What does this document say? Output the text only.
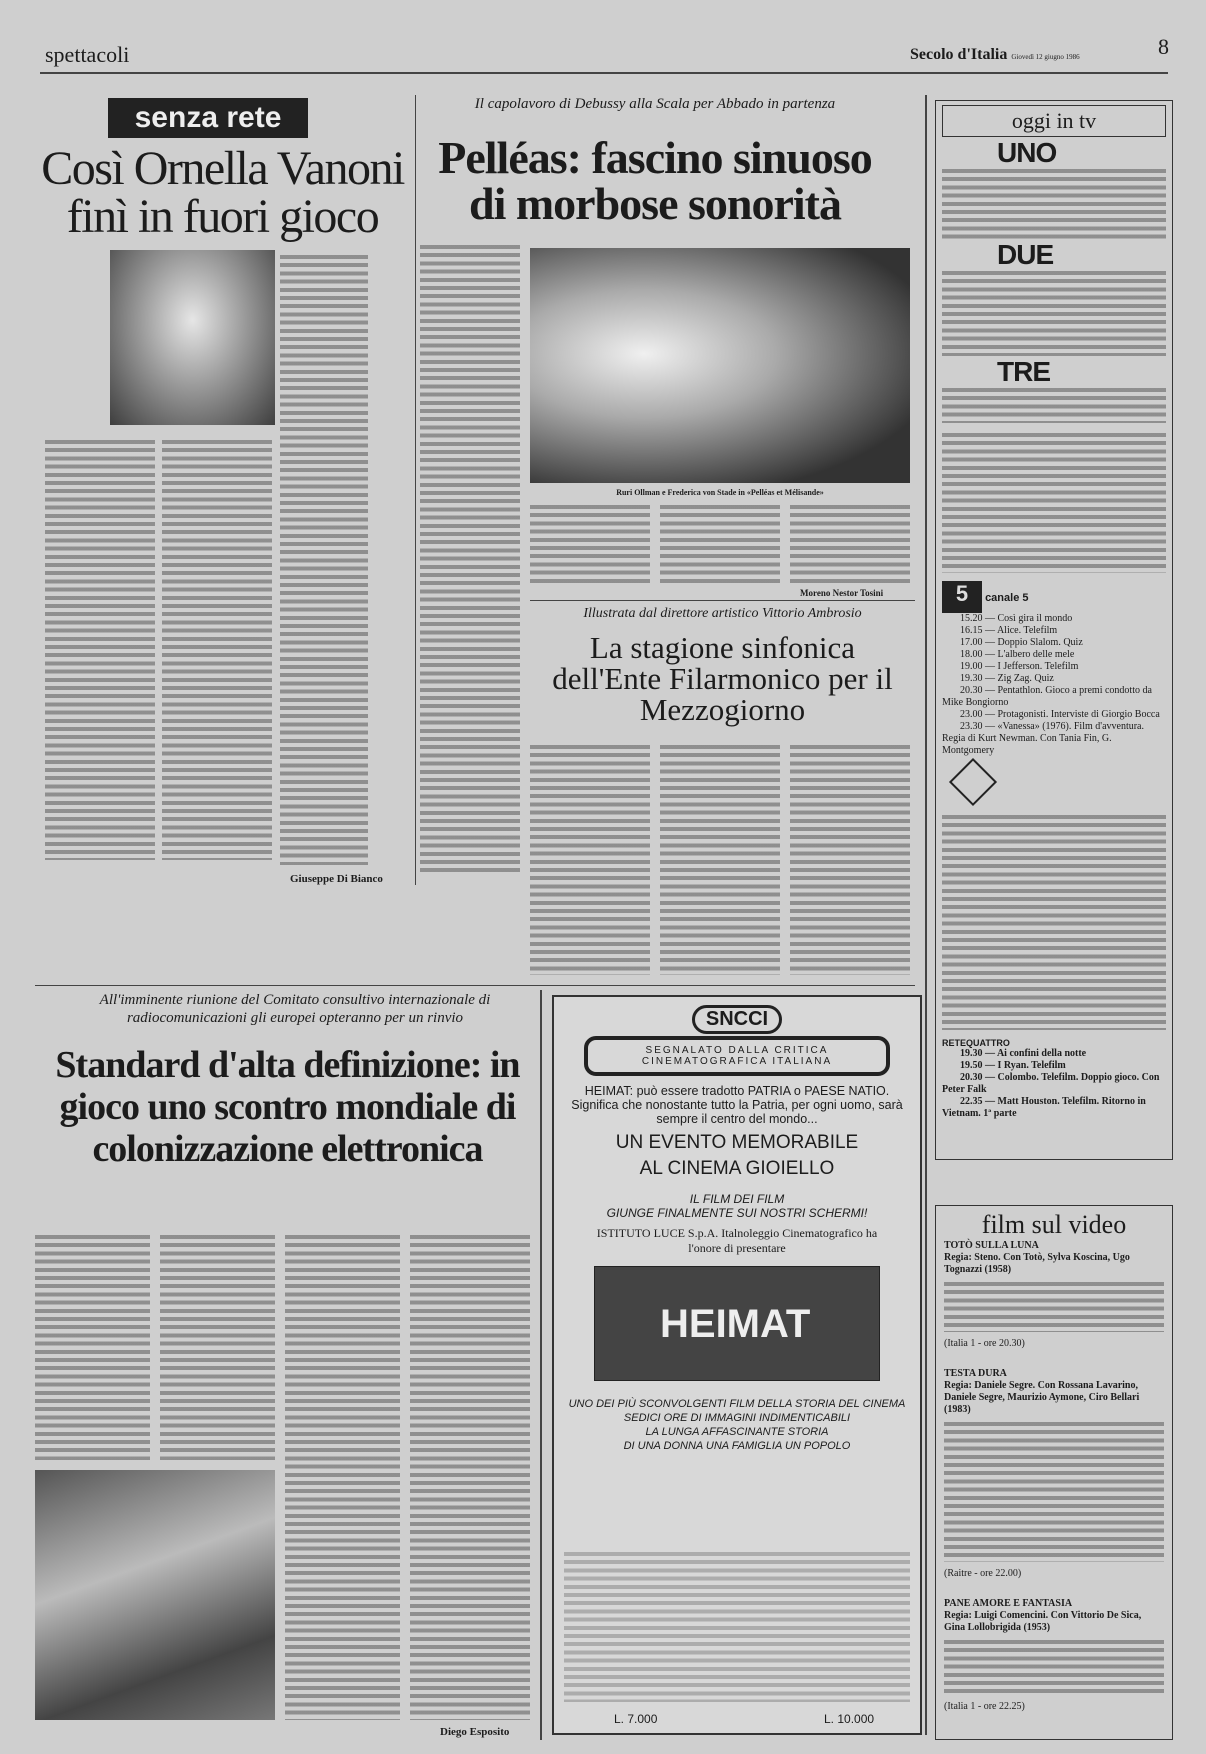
spettacoli	Secolo d'Italia Giovedì 12 giugno 1986	8
senza rete
Così Ornella Vanoni finì in fuori gioco
Giuseppe Di Bianco
Il capolavoro di Debussy alla Scala per Abbado in partenza
Pelléas: fascino sinuoso di morbose sonorità
Ruri Ollman e Frederica von Stade in «Pelléas et Mélisande»
Moreno Nestor Tosini
Illustrata dal direttore artistico Vittorio Ambrosio
La stagione sinfonica dell'Ente Filarmonico per il Mezzogiorno
All'imminente riunione del Comitato consultivo internazionale di radiocomunicazioni gli europei opteranno per un rinvio
Standard d'alta definizione: in gioco uno scontro mondiale di colonizzazione elettronica
Diego Esposito
SNCCI
SEGNALATO DALLA CRITICA CINEMATOGRAFICA ITALIANA
HEIMAT: può essere tradotto PATRIA o PAESE NATIO. Significa che nonostante tutto la Patria, per ogni uomo, sarà sempre il centro del mondo...
UN EVENTO MEMORABILE
AL CINEMA GIOIELLO
IL FILM DEI FILM
GIUNGE FINALMENTE SUI NOSTRI SCHERMI!
ISTITUTO LUCE S.p.A. Italnoleggio Cinematografico ha l'onore di presentare
HEIMAT
UNO DEI PIÙ SCONVOLGENTI FILM DELLA STORIA DEL CINEMA
SEDICI ORE DI IMMAGINI INDIMENTICABILI
LA LUNGA AFFASCINANTE STORIA
DI UNA DONNA UNA FAMIGLIA UN POPOLO
L. 7.000	L. 10.000
oggi in tv
UNO
DUE
TRE
5 canale 5
15.20 — Così gira il mondo
16.15 — Alice. Telefilm
17.00 — Doppio Slalom. Quiz
18.00 — L'albero delle mele
19.00 — I Jefferson. Telefilm
19.30 — Zig Zag. Quiz
20.30 — Pentathlon. Gioco a premi condotto da Mike Bongiorno
23.00 — Protagonisti. Interviste di Giorgio Bocca
23.30 — «Vanessa» (1976). Film d'avventura. Regia di Kurt Newman. Con Tania Fin, G. Montgomery
RETEQUATTRO
19.30 — Ai confini della notte
19.50 — I Ryan. Telefilm
20.30 — Colombo. Telefilm. Doppio gioco. Con Peter Falk
22.35 — Matt Houston. Telefilm. Ritorno in Vietnam. 1ª parte
film sul video
TOTÒ SULLA LUNA
Regia: Steno. Con Totò, Sylva Koscina, Ugo Tognazzi (1958)
(Italia 1 - ore 20.30)
TESTA DURA
Regia: Daniele Segre. Con Rossana Lavarino, Daniele Segre, Maurizio Aymone, Ciro Bellari (1983)
(Raitre - ore 22.00)
PANE AMORE E FANTASIA
Regia: Luigi Comencini. Con Vittorio De Sica, Gina Lollobrigida (1953)
(Italia 1 - ore 22.25)
